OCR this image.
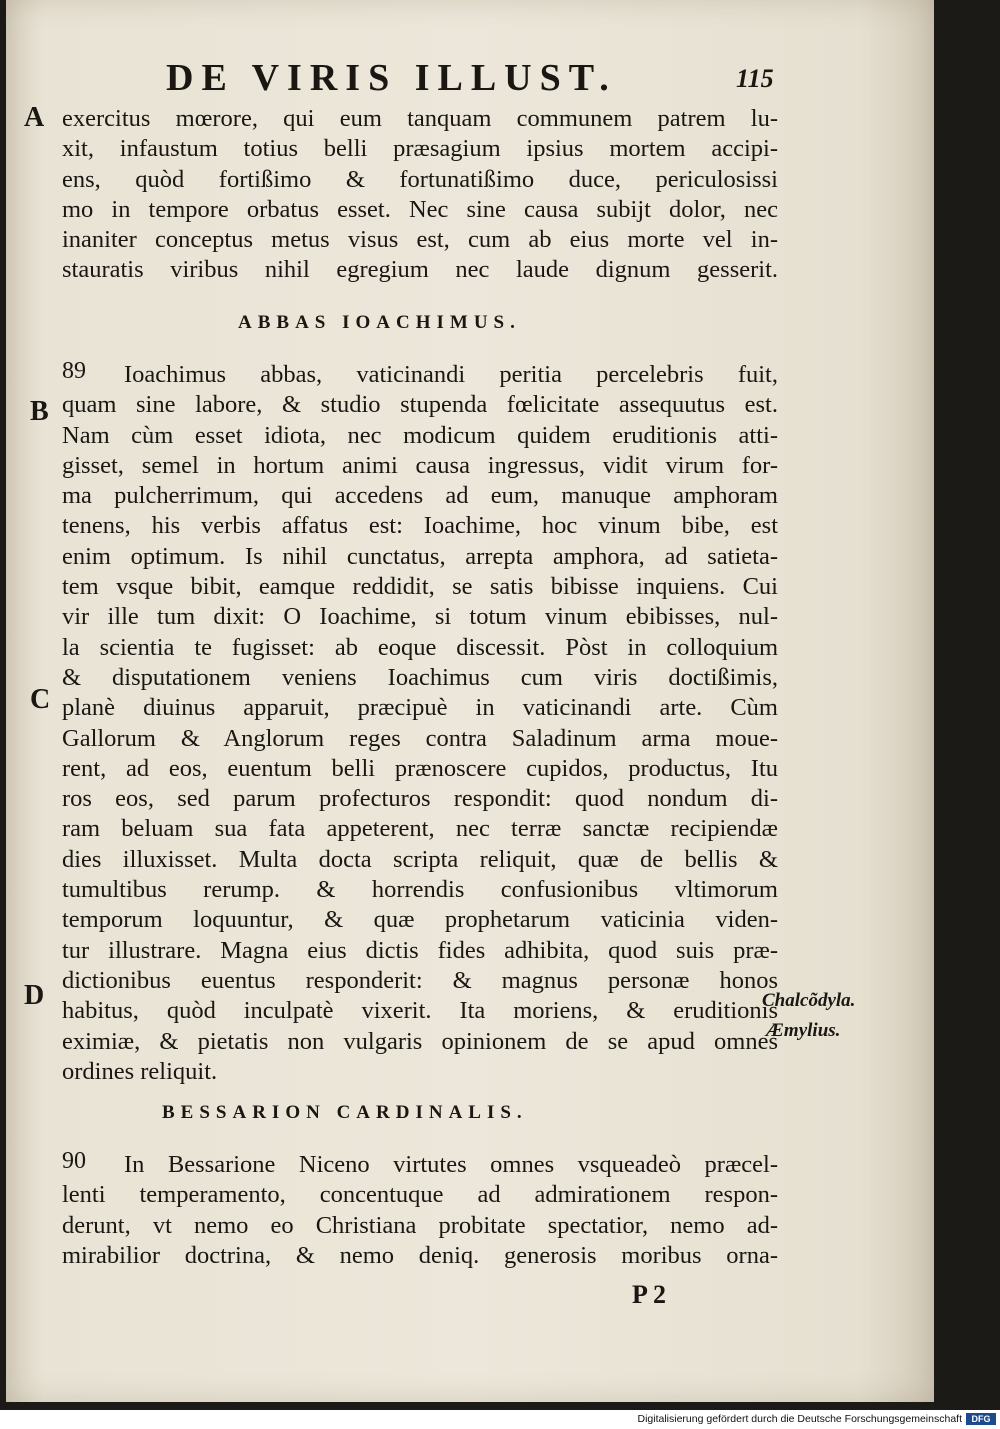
DE VIRIS ILLUST.	115
A exercitus mœrore, qui eum tanquam communem patrem lu-
xit, infaustum totius belli præsagium ipsius mortem accipi-
ens, quòd fortißimo & fortunatißimo duce, periculosissi
mo in tempore orbatus esset. Nec sine causa subijt dolor, nec
inaniter conceptus metus visus est, cum ab eius morte vel in-
stauratis viribus nihil egregium nec laude dignum gesserit.
ABBAS IOACHIMUS.
89
B
C
D
Ioachimus abbas, vaticinandi peritia percelebris fuit,
quam sine labore, & studio stupenda fœlicitate assequutus est.
Nam cùm esset idiota, nec modicum quidem eruditionis atti-
gisset, semel in hortum animi causa ingressus, vidit virum for-
ma pulcherrimum, qui accedens ad eum, manuque amphoram
tenens, his verbis affatus est: Ioachime, hoc vinum bibe, est
enim optimum. Is nihil cunctatus, arrepta amphora, ad satieta-
tem vsque bibit, eamque reddidit, se satis bibisse inquiens. Cui
vir ille tum dixit: O Ioachime, si totum vinum ebibisses, nul-
la scientia te fugisset: ab eoque discessit. Pòst in colloquium
& disputationem veniens Ioachimus cum viris doctißimis,
planè diuinus apparuit, præcipuè in vaticinandi arte. Cùm
Gallorum & Anglorum reges contra Saladinum arma moue-
rent, ad eos, euentum belli prænoscere cupidos, productus, Itu
ros eos, sed parum profecturos respondit: quod nondum di-
ram beluam sua fata appeterent, nec terræ sanctæ recipiendæ
dies illuxisset. Multa docta scripta reliquit, quæ de bellis &
tumultibus rerump. & horrendis confusionibus vltimorum
temporum loquuntur, & quæ prophetarum vaticinia viden-
tur illustrare. Magna eius dictis fides adhibita, quod suis præ-
dictionibus euentus responderit: & magnus personæ honos
habitus, quòd inculpatè vixerit. Ita moriens, & eruditionis
eximiæ, & pietatis non vulgaris opinionem de se apud omnes
ordines reliquit.
Chalcõdyla.
Æmylius.
BESSARION CARDINALIS.
90	In Bessarione Niceno virtutes omnes vsqueadeò præcel-
lenti temperamento, concentuque ad admirationem respon-
derunt, vt nemo eo Christiana probitate spectatior, nemo ad-
mirabilior doctrina, & nemo deniq. generosis moribus orna-
P 2
Digitalisierung gefördert durch die Deutsche Forschungsgemeinschaft	DFG
